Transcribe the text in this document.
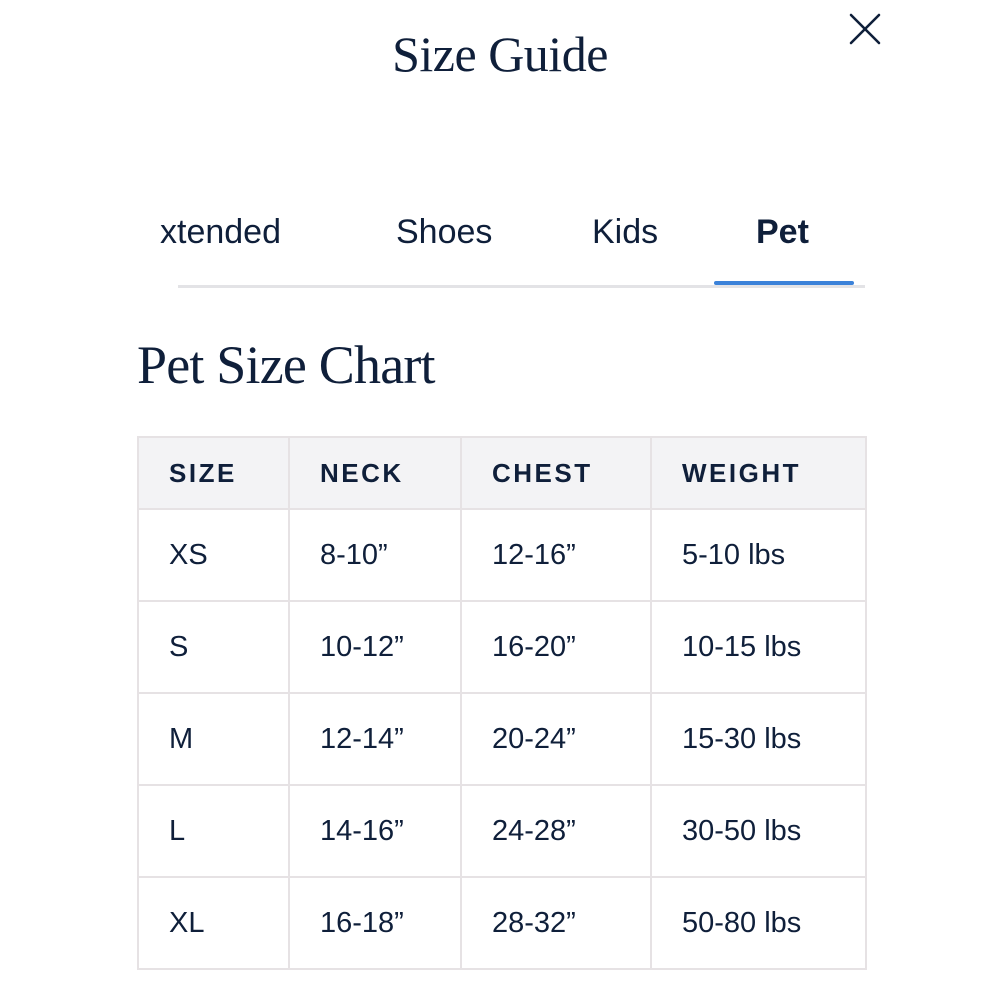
Size Guide
xtended	Shoes	Kids	Pet
Pet Size Chart
SIZE	NECK	CHEST	WEIGHT
XS	8-10”	12-16”	5-10 lbs
S	10-12”	16-20”	10-15 lbs
M	12-14”	20-24”	15-30 lbs
L	14-16”	24-28”	30-50 lbs
XL	16-18”	28-32”	50-80 lbs
